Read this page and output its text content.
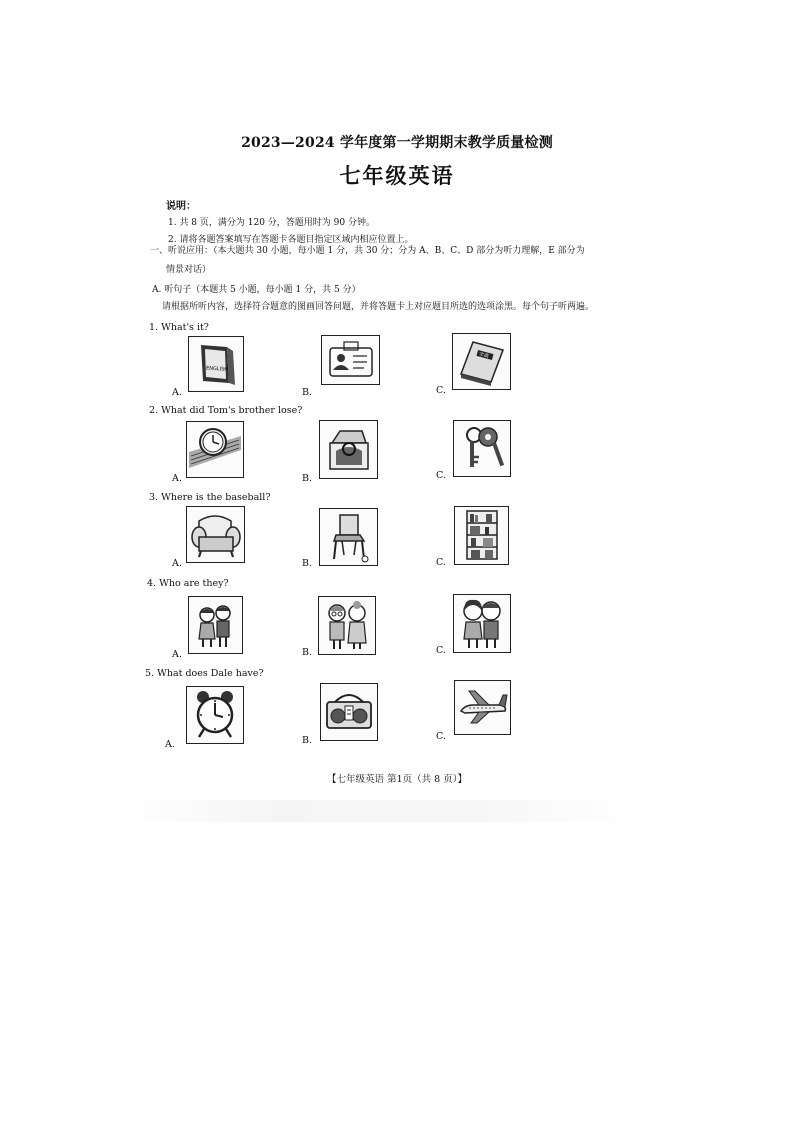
2023—2024 学年度第一学期期末教学质量检测
七年级英语
说明：
1. 共 8 页，满分为 120 分，答题用时为 90 分钟。
2. 请将各题答案填写在答题卡各题目指定区域内相应位置上。
一、听说应用：（本大题共 30 小题，每小题 1 分，共 30 分；分为 A、B、C、D 部分为听力理解，E 部分为
情景对话）
A. 听句子（本题共 5 小题，每小题 1 分，共 5 分）
请根据所听内容，选择符合题意的图画回答问题，并将答题卡上对应题目所选的选项涂黑。每个句子听两遍。
1. What's it?
A.
ENGLISH
B.	C.
字典
2. What did Tom's brother lose?
A.	B.	C.
3. Where is the baseball?
A.	B.	C.
4. Who are they?
A.	B.	C.
5. What does Dale have?
A.	B.	C.
【七年级英语 第1页（共 8 页）】
